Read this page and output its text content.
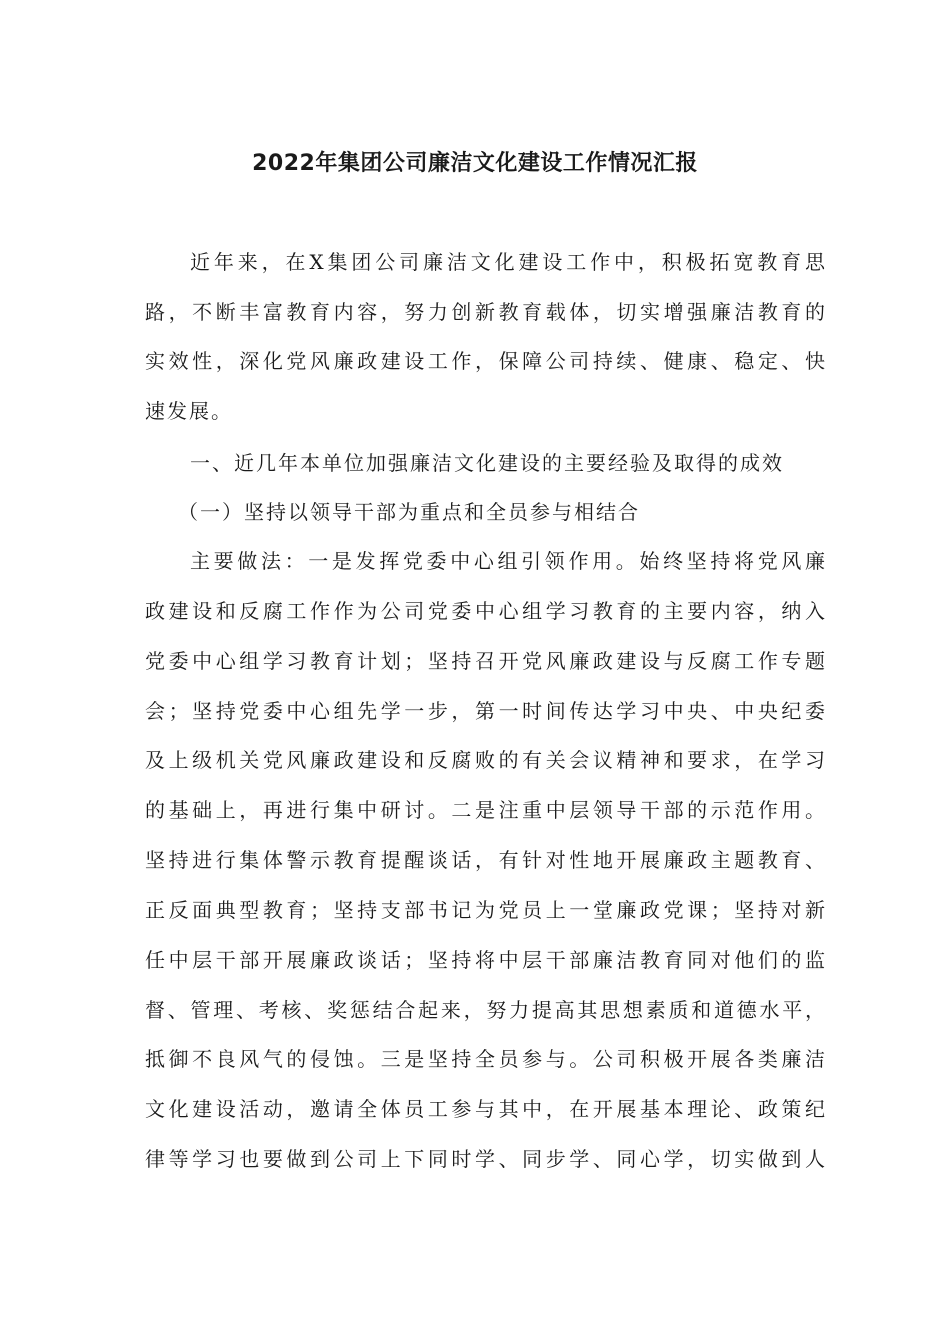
2022年集团公司廉洁文化建设工作情况汇报
近年来，在X集团公司廉洁文化建设工作中，积极拓宽教育思
路，不断丰富教育内容，努力创新教育载体，切实增强廉洁教育的
实效性，深化党风廉政建设工作，保障公司持续、健康、稳定、快
速发展。
一、近几年本单位加强廉洁文化建设的主要经验及取得的成效
（一）坚持以领导干部为重点和全员参与相结合
主要做法：一是发挥党委中心组引领作用。始终坚持将党风廉
政建设和反腐工作作为公司党委中心组学习教育的主要内容，纳入
党委中心组学习教育计划；坚持召开党风廉政建设与反腐工作专题
会；坚持党委中心组先学一步，第一时间传达学习中央、中央纪委
及上级机关党风廉政建设和反腐败的有关会议精神和要求，在学习
的基础上，再进行集中研讨。二是注重中层领导干部的示范作用。
坚持进行集体警示教育提醒谈话，有针对性地开展廉政主题教育、
正反面典型教育；坚持支部书记为党员上一堂廉政党课；坚持对新
任中层干部开展廉政谈话；坚持将中层干部廉洁教育同对他们的监
督、管理、考核、奖惩结合起来，努力提高其思想素质和道德水平，
抵御不良风气的侵蚀。三是坚持全员参与。公司积极开展各类廉洁
文化建设活动，邀请全体员工参与其中，在开展基本理论、政策纪
律等学习也要做到公司上下同时学、同步学、同心学，切实做到人
